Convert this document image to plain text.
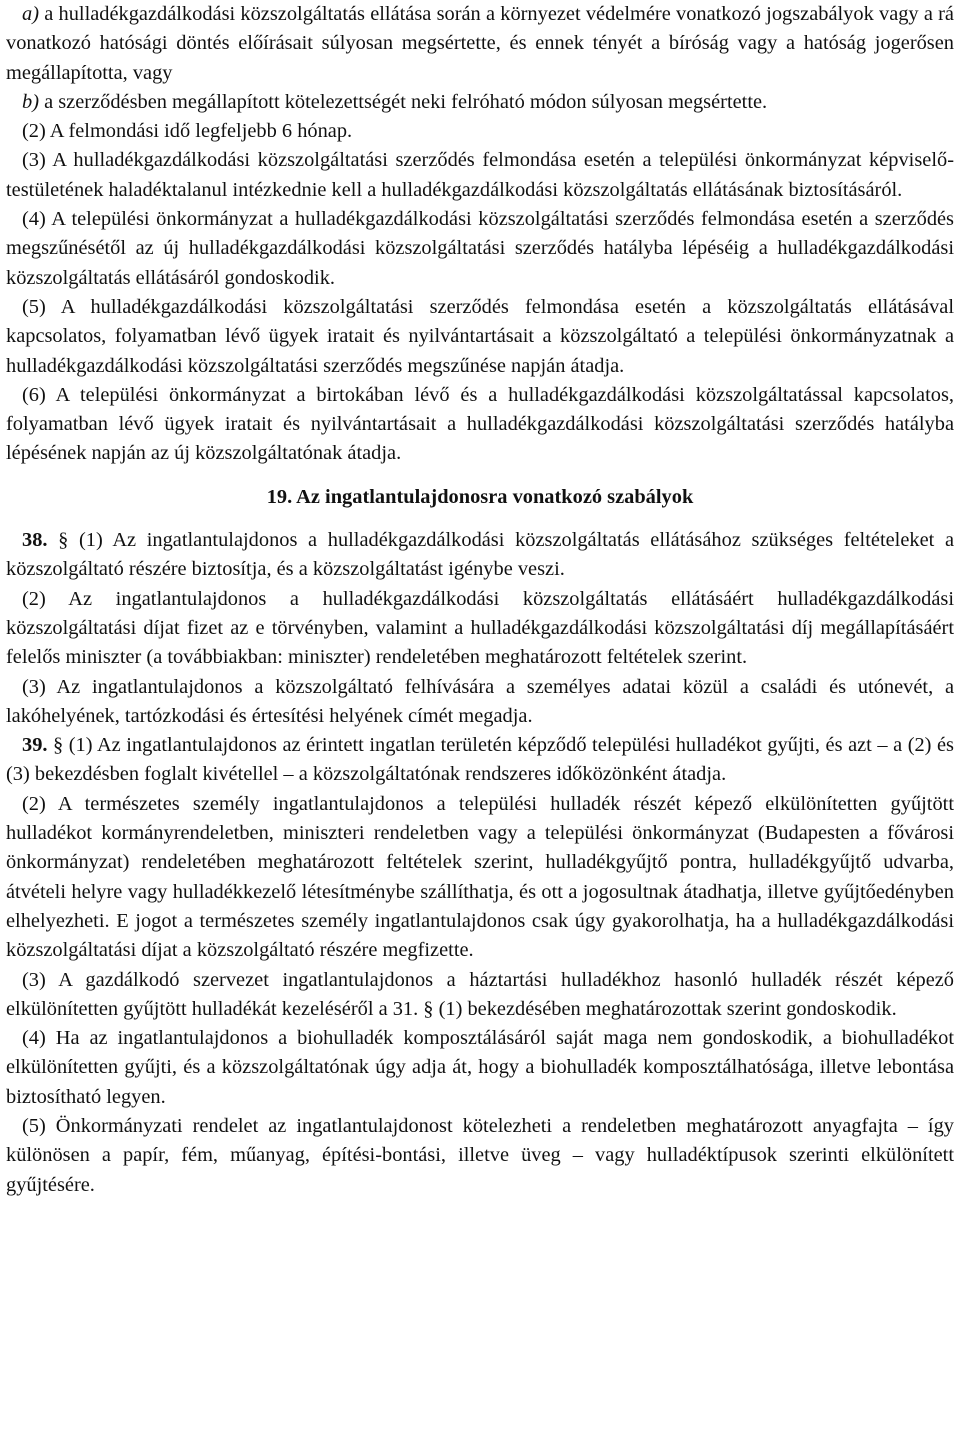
a) a hulladékgazdálkodási közszolgáltatás ellátása során a környezet védelmére vonatkozó jogszabályok vagy a rá vonatkozó hatósági döntés előírásait súlyosan megsértette, és ennek tényét a bíróság vagy a hatóság jogerősen megállapította, vagy

b) a szerződésben megállapított kötelezettségét neki felróható módon súlyosan megsértette.

(2) A felmondási idő legfeljebb 6 hónap.

(3) A hulladékgazdálkodási közszolgáltatási szerződés felmondása esetén a települési önkormányzat képviselő-testületének haladéktalanul intézkednie kell a hulladékgazdálkodási közszolgáltatás ellátásának biztosításáról.

(4) A települési önkormányzat a hulladékgazdálkodási közszolgáltatási szerződés felmondása esetén a szerződés megszűnésétől az új hulladékgazdálkodási közszolgáltatási szerződés hatályba lépéséig a hulladékgazdálkodási közszolgáltatás ellátásáról gondoskodik.

(5) A hulladékgazdálkodási közszolgáltatási szerződés felmondása esetén a közszolgáltatás ellátásával kapcsolatos, folyamatban lévő ügyek iratait és nyilvántartásait a közszolgáltató a települési önkormányzatnak a hulladékgazdálkodási közszolgáltatási szerződés megszűnése napján átadja.

(6) A települési önkormányzat a birtokában lévő és a hulladékgazdálkodási közszolgáltatással kapcsolatos, folyamatban lévő ügyek iratait és nyilvántartásait a hulladékgazdálkodási közszolgáltatási szerződés hatályba lépésének napján az új közszolgáltatónak átadja.

19. Az ingatlantulajdonosra vonatkozó szabályok

38. § (1) Az ingatlantulajdonos a hulladékgazdálkodási közszolgáltatás ellátásához szükséges feltételeket a közszolgáltató részére biztosítja, és a közszolgáltatást igénybe veszi.

(2) Az ingatlantulajdonos a hulladékgazdálkodási közszolgáltatás ellátásáért hulladékgazdálkodási közszolgáltatási díjat fizet az e törvényben, valamint a hulladékgazdálkodási közszolgáltatási díj megállapításáért felelős miniszter (a továbbiakban: miniszter) rendeletében meghatározott feltételek szerint.

(3) Az ingatlantulajdonos a közszolgáltató felhívására a személyes adatai közül a családi és utónevét, a lakóhelyének, tartózkodási és értesítési helyének címét megadja.

39. § (1) Az ingatlantulajdonos az érintett ingatlan területén képződő települési hulladékot gyűjti, és azt – a (2) és (3) bekezdésben foglalt kivétellel – a közszolgáltatónak rendszeres időközönként átadja.

(2) A természetes személy ingatlantulajdonos a települési hulladék részét képező elkülönítetten gyűjtött hulladékot kormányrendeletben, miniszteri rendeletben vagy a települési önkormányzat (Budapesten a fővárosi önkormányzat) rendeletében meghatározott feltételek szerint, hulladékgyűjtő pontra, hulladékgyűjtő udvarba, átvételi helyre vagy hulladékkezelő létesítménybe szállíthatja, és ott a jogosultnak átadhatja, illetve gyűjtőedényben elhelyezheti. E jogot a természetes személy ingatlantulajdonos csak úgy gyakorolhatja, ha a hulladékgazdálkodási közszolgáltatási díjat a közszolgáltató részére megfizette.

(3) A gazdálkodó szervezet ingatlantulajdonos a háztartási hulladékhoz hasonló hulladék részét képező elkülönítetten gyűjtött hulladékát kezeléséről a 31. § (1) bekezdésében meghatározottak szerint gondoskodik.

(4) Ha az ingatlantulajdonos a biohulladék komposztálásáról saját maga nem gondoskodik, a biohulladékot elkülönítetten gyűjti, és a közszolgáltatónak úgy adja át, hogy a biohulladék komposztálhatósága, illetve lebontása biztosítható legyen.

(5) Önkormányzati rendelet az ingatlantulajdonost kötelezheti a rendeletben meghatározott anyagfajta – így különösen a papír, fém, műanyag, építési-bontási, illetve üveg – vagy hulladéktípusok szerinti elkülönített gyűjtésére.
